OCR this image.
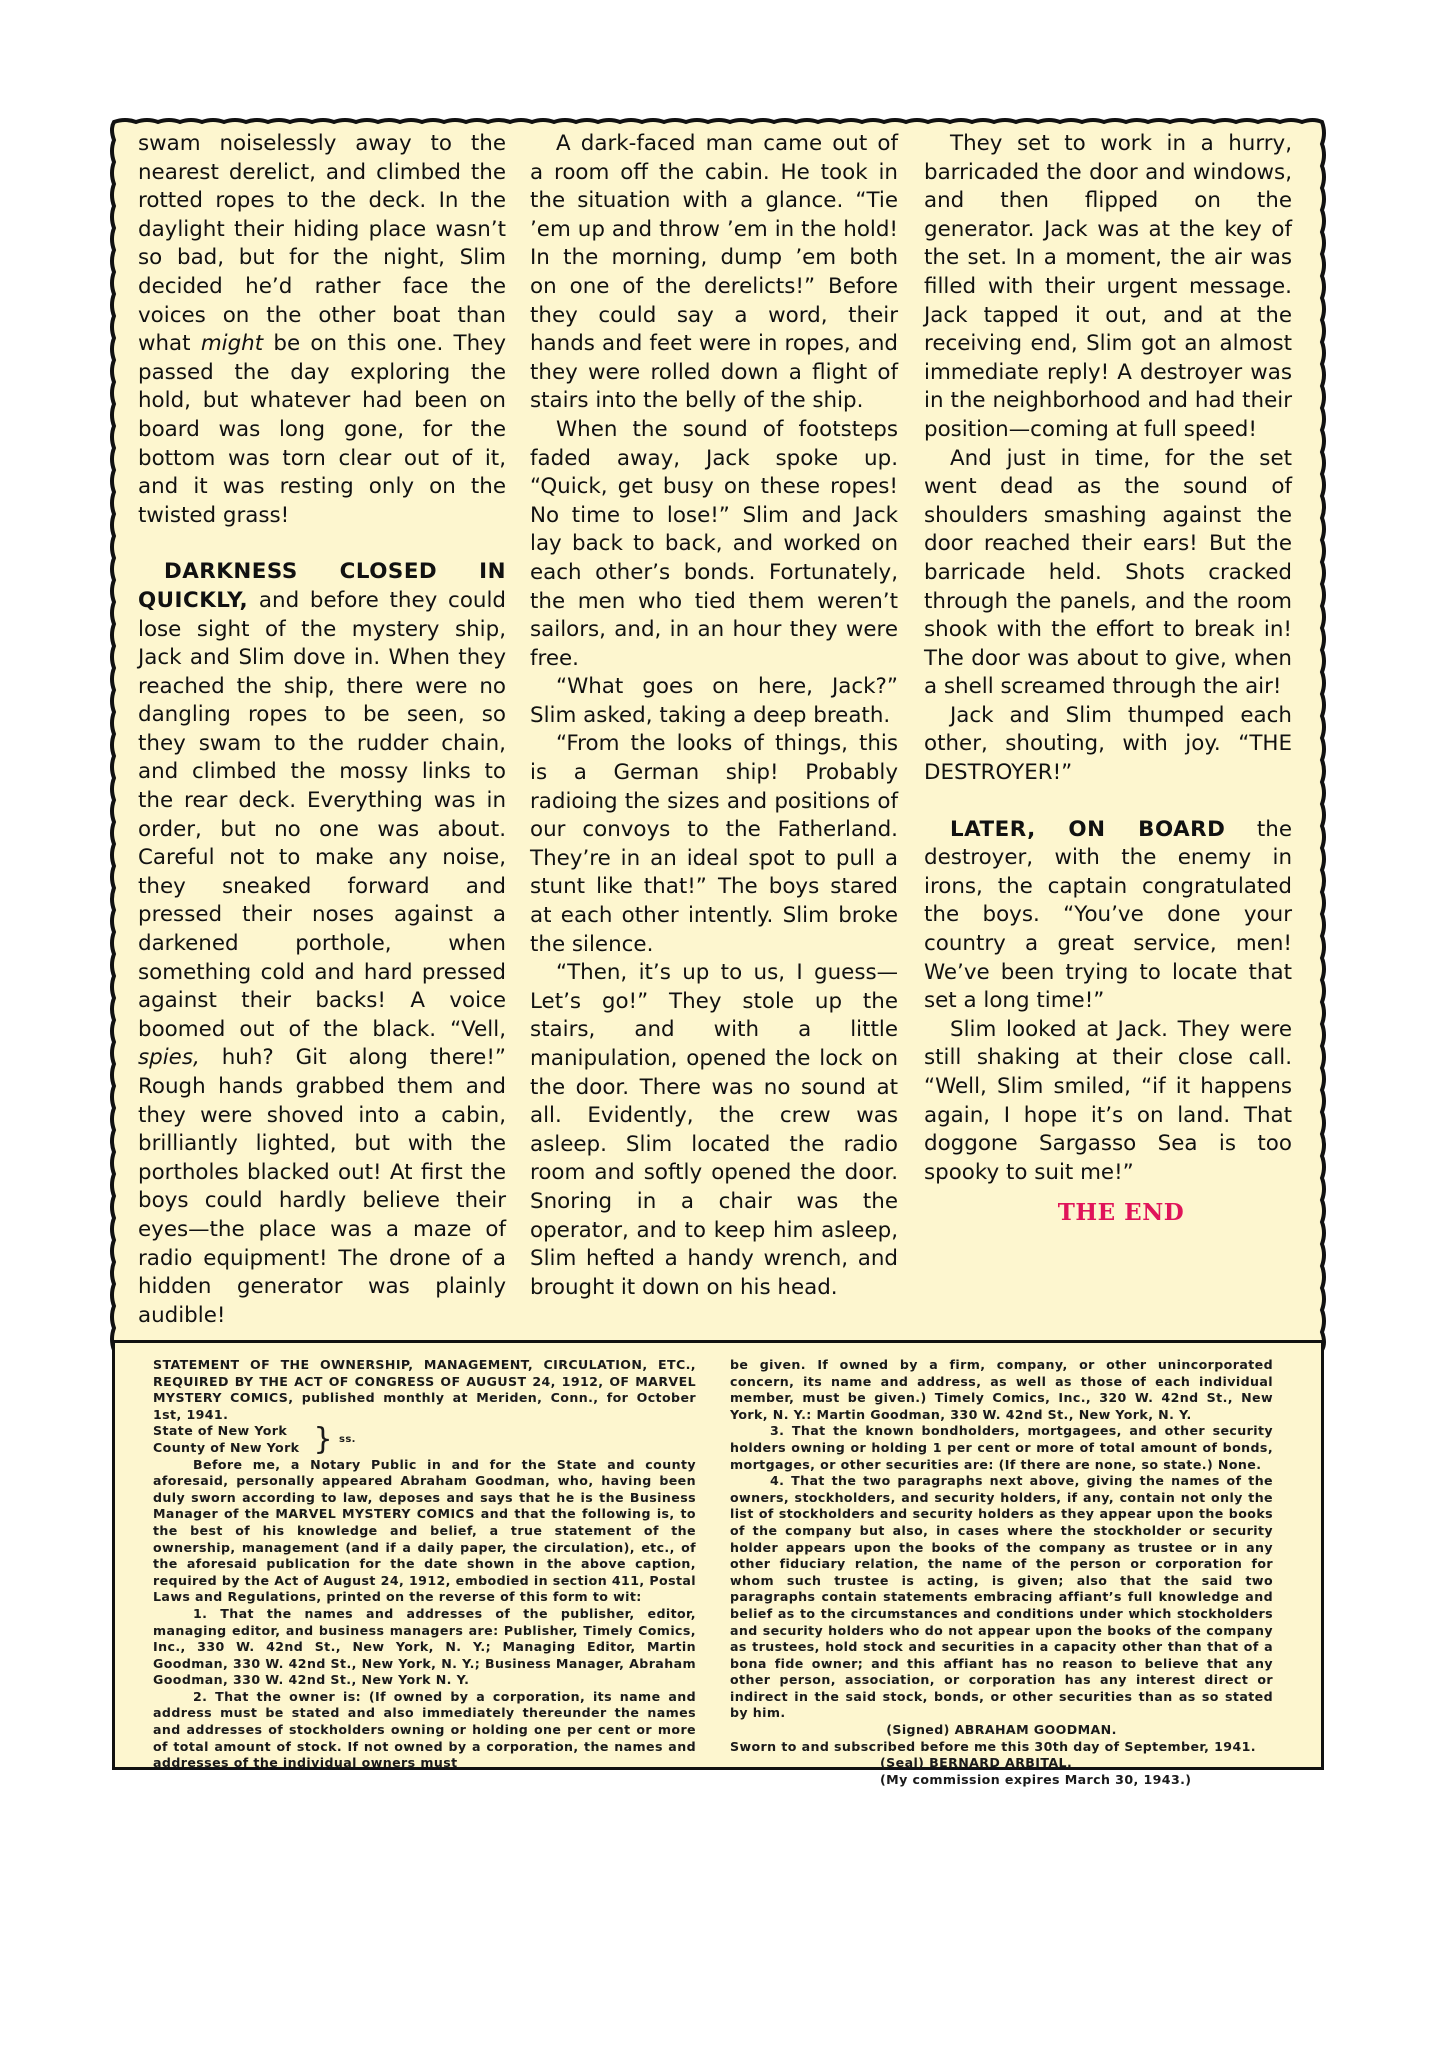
swam noiselessly away to the nearest derelict, and climbed the rotted ropes to the deck. In the daylight their hiding place wasn’t so bad, but for the night, Slim decided he’d rather face the voices on the other boat than what might be on this one. They passed the day exploring the hold, but whatever had been on board was long gone, for the bottom was torn clear out of it, and it was resting only on the twisted grass!

DARKNESS CLOSED IN QUICKLY, and before they could lose sight of the mystery ship, Jack and Slim dove in. When they reached the ship, there were no dangling ropes to be seen, so they swam to the rudder chain, and climbed the mossy links to the rear deck. Everything was in order, but no one was about. Careful not to make any noise, they sneaked forward and pressed their noses against a darkened porthole, when something cold and hard pressed against their backs! A voice boomed out of the black. “Vell, spies, huh? Git along there!” Rough hands grabbed them and they were shoved into a cabin, brilliantly lighted, but with the portholes blacked out! At first the boys could hardly believe their eyes—the place was a maze of radio equipment! The drone of a hidden generator was plainly audible!

A dark-faced man came out of a room off the cabin. He took in the situation with a glance. “Tie ’em up and throw ’em in the hold! In the morning, dump ’em both on one of the derelicts!” Before they could say a word, their hands and feet were in ropes, and they were rolled down a flight of stairs into the belly of the ship.

When the sound of footsteps faded away, Jack spoke up. “Quick, get busy on these ropes! No time to lose!” Slim and Jack lay back to back, and worked on each other’s bonds. Fortunately, the men who tied them weren’t sailors, and, in an hour they were free.

“What goes on here, Jack?” Slim asked, taking a deep breath.

“From the looks of things, this is a German ship! Probably radioing the sizes and positions of our convoys to the Fatherland. They’re in an ideal spot to pull a stunt like that!” The boys stared at each other intently. Slim broke the silence.

“Then, it’s up to us, I guess—Let’s go!” They stole up the stairs, and with a little manipulation, opened the lock on the door. There was no sound at all. Evidently, the crew was asleep. Slim located the radio room and softly opened the door. Snoring in a chair was the operator, and to keep him asleep, Slim hefted a handy wrench, and brought it down on his head.

They set to work in a hurry, barricaded the door and windows, and then flipped on the generator. Jack was at the key of the set. In a moment, the air was filled with their urgent message. Jack tapped it out, and at the receiving end, Slim got an almost immediate reply! A destroyer was in the neighborhood and had their position—coming at full speed!

And just in time, for the set went dead as the sound of shoulders smashing against the door reached their ears! But the barricade held. Shots cracked through the panels, and the room shook with the effort to break in! The door was about to give, when a shell screamed through the air!

Jack and Slim thumped each other, shouting, with joy. “THE DESTROYER!”

LATER, ON BOARD the destroyer, with the enemy in irons, the captain congratulated the boys. “You’ve done your country a great service, men! We’ve been trying to locate that set a long time!”

Slim looked at Jack. They were still shaking at their close call. “Well, Slim smiled, “if it happens again, I hope it’s on land. That doggone Sargasso Sea is too spooky to suit me!”

THE END

STATEMENT OF THE OWNERSHIP, MANAGEMENT, CIRCULATION, ETC., REQUIRED BY THE ACT OF CONGRESS OF AUGUST 24, 1912, OF MARVEL MYSTERY COMICS, published monthly at Meriden, Conn., for October 1st, 1941.

State of New York
County of New York } ss.

Before me, a Notary Public in and for the State and county aforesaid, personally appeared Abraham Goodman, who, having been duly sworn according to law, deposes and says that he is the Business Manager of the MARVEL MYSTERY COMICS and that the following is, to the best of his knowledge and belief, a true statement of the ownership, management (and if a daily paper, the circulation), etc., of the aforesaid publication for the date shown in the above caption, required by the Act of August 24, 1912, embodied in section 411, Postal Laws and Regulations, printed on the reverse of this form to wit:

1. That the names and addresses of the publisher, editor, managing editor, and business managers are: Publisher, Timely Comics, Inc., 330 W. 42nd St., New York, N. Y.; Managing Editor, Martin Goodman, 330 W. 42nd St., New York, N. Y.; Business Manager, Abraham Goodman, 330 W. 42nd St., New York N. Y.

2. That the owner is: (If owned by a corporation, its name and address must be stated and also immediately thereunder the names and addresses of stockholders owning or holding one per cent or more of total amount of stock. If not owned by a corporation, the names and addresses of the individual owners must

be given. If owned by a firm, company, or other unincorporated concern, its name and address, as well as those of each individual member, must be given.) Timely Comics, Inc., 320 W. 42nd St., New York, N. Y.: Martin Goodman, 330 W. 42nd St., New York, N. Y.

3. That the known bondholders, mortgagees, and other security holders owning or holding 1 per cent or more of total amount of bonds, mortgages, or other securities are: (If there are none, so state.) None.

4. That the two paragraphs next above, giving the names of the owners, stockholders, and security holders, if any, contain not only the list of stockholders and security holders as they appear upon the books of the company but also, in cases where the stockholder or security holder appears upon the books of the company as trustee or in any other fiduciary relation, the name of the person or corporation for whom such trustee is acting, is given; also that the said two paragraphs contain statements embracing affiant’s full knowledge and belief as to the circumstances and conditions under which stockholders and security holders who do not appear upon the books of the company as trustees, hold stock and securities in a capacity other than that of a bona fide owner; and this affiant has no reason to believe that any other person, association, or corporation has any interest direct or indirect in the said stock, bonds, or other securities than as so stated by him.

(Signed) ABRAHAM GOODMAN.

Sworn to and subscribed before me this 30th day of September, 1941.

(Seal) BERNARD ARBITAL.

(My commission expires March 30, 1943.)
